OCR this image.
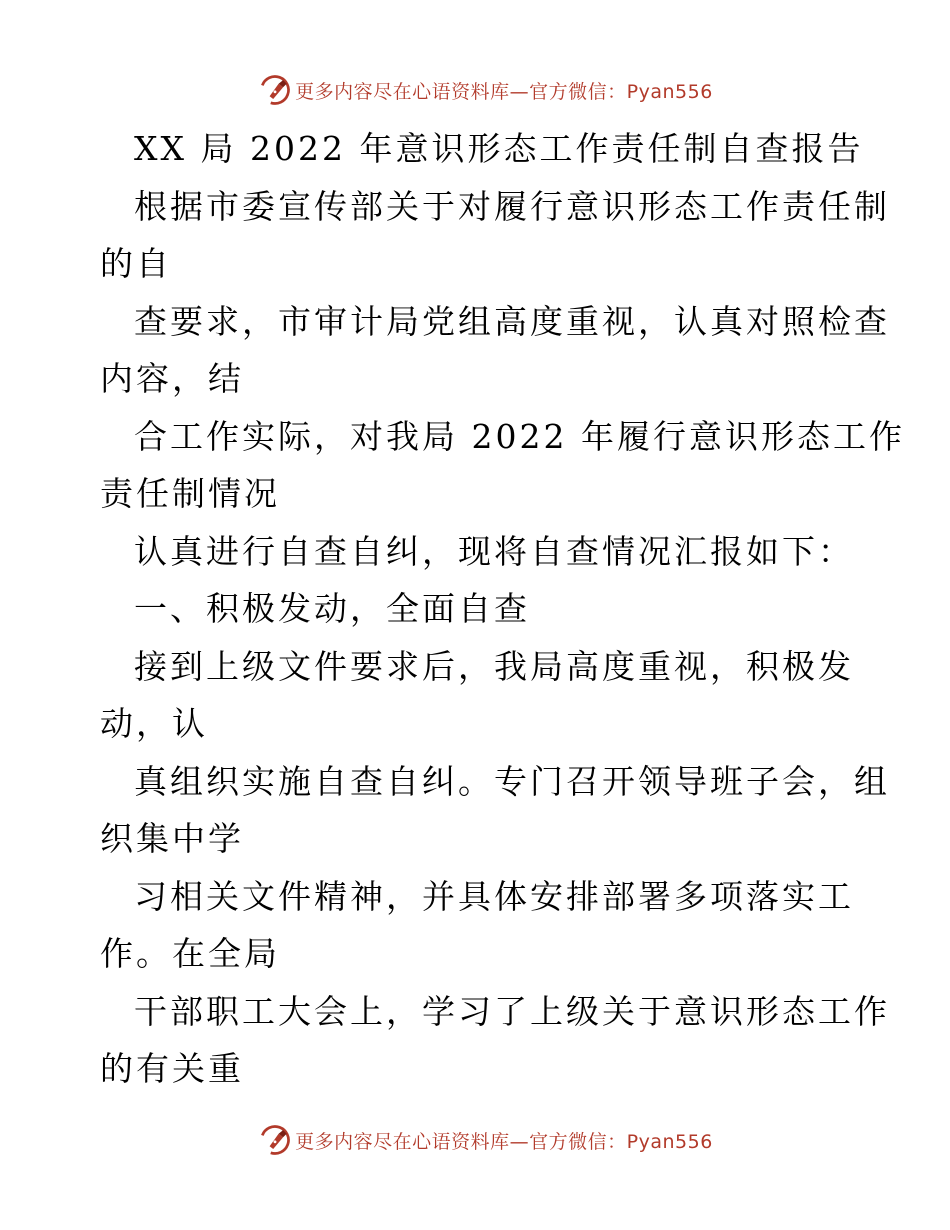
更多内容尽在心语资料库—官方微信：Pyan556
XX 局 2022 年意识形态工作责任制自查报告
根据市委宣传部关于对履行意识形态工作责任制
的自
查要求，市审计局党组高度重视，认真对照检查
内容，结
合工作实际，对我局 2022 年履行意识形态工作
责任制情况
认真进行自查自纠，现将自查情况汇报如下：
一、积极发动，全面自查
接到上级文件要求后，我局高度重视，积极发
动，认
真组织实施自查自纠。专门召开领导班子会，组
织集中学
习相关文件精神，并具体安排部署多项落实工
作。在全局
干部职工大会上，学习了上级关于意识形态工作
的有关重
更多内容尽在心语资料库—官方微信：Pyan556
